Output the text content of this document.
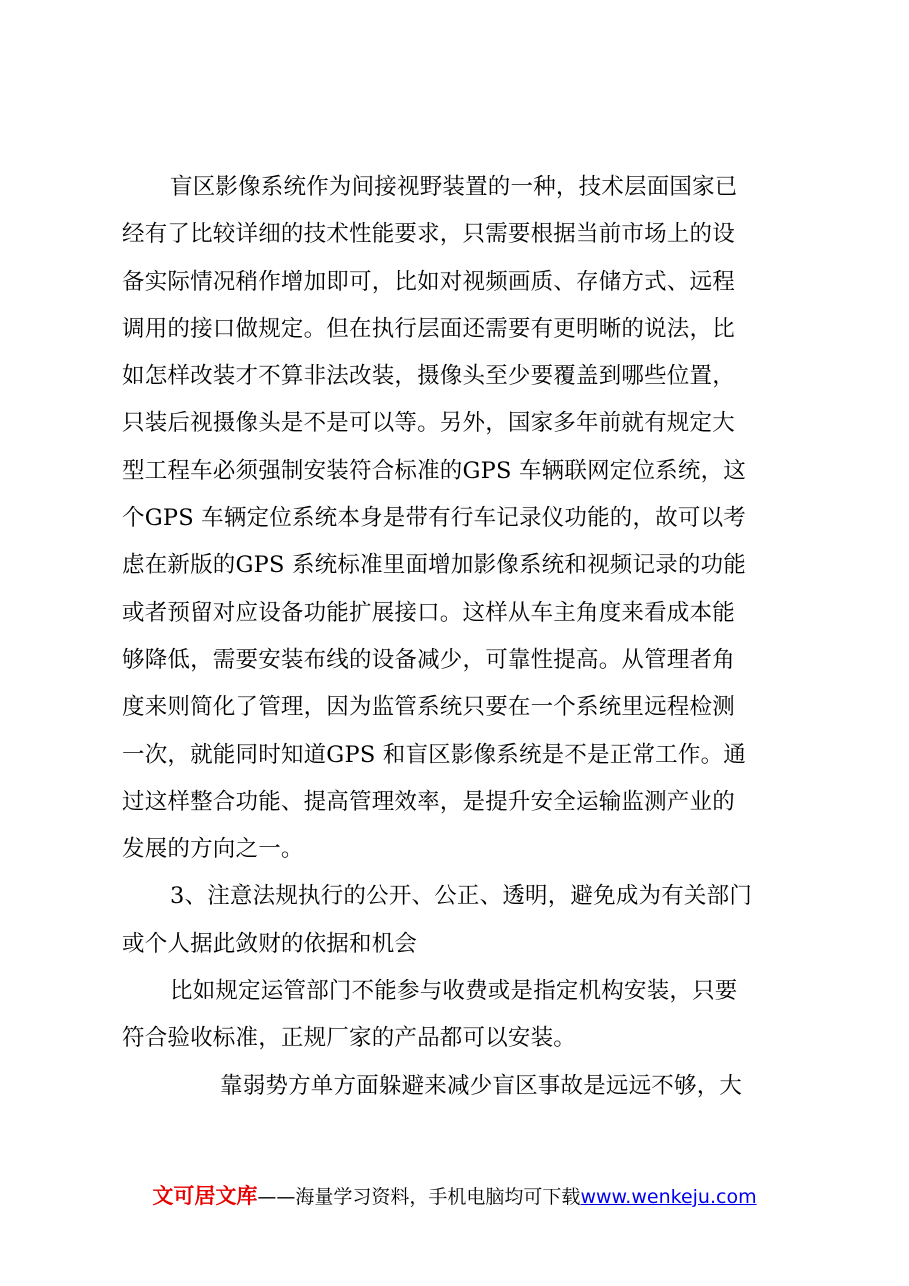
盲区影像系统作为间接视野装置的一种，技术层面国家已
经有了比较详细的技术性能要求，只需要根据当前市场上的设
备实际情况稍作增加即可，比如对视频画质、存储方式、远程
调用的接口做规定。但在执行层面还需要有更明晰的说法，比
如怎样改装才不算非法改装，摄像头至少要覆盖到哪些位置，
只装后视摄像头是不是可以等。另外，国家多年前就有规定大
型工程车必须强制安装符合标准的GPS 车辆联网定位系统，这
个GPS 车辆定位系统本身是带有行车记录仪功能的，故可以考
虑在新版的GPS 系统标准里面增加影像系统和视频记录的功能
或者预留对应设备功能扩展接口。这样从车主角度来看成本能
够降低，需要安装布线的设备减少，可靠性提高。从管理者角
度来则简化了管理，因为监管系统只要在一个系统里远程检测
一次，就能同时知道GPS 和盲区影像系统是不是正常工作。通
过这样整合功能、提高管理效率，是提升安全运输监测产业的
发展的方向之一。
3、注意法规执行的公开、公正、透明，避免成为有关部门
或个人据此敛财的依据和机会
比如规定运管部门不能参与收费或是指定机构安装，只要
符合验收标准，正规厂家的产品都可以安装。
靠弱势方单方面躲避来减少盲区事故是远远不够，大
文可居文库——海量学习资料，手机电脑均可下载www.wenkeju.com
